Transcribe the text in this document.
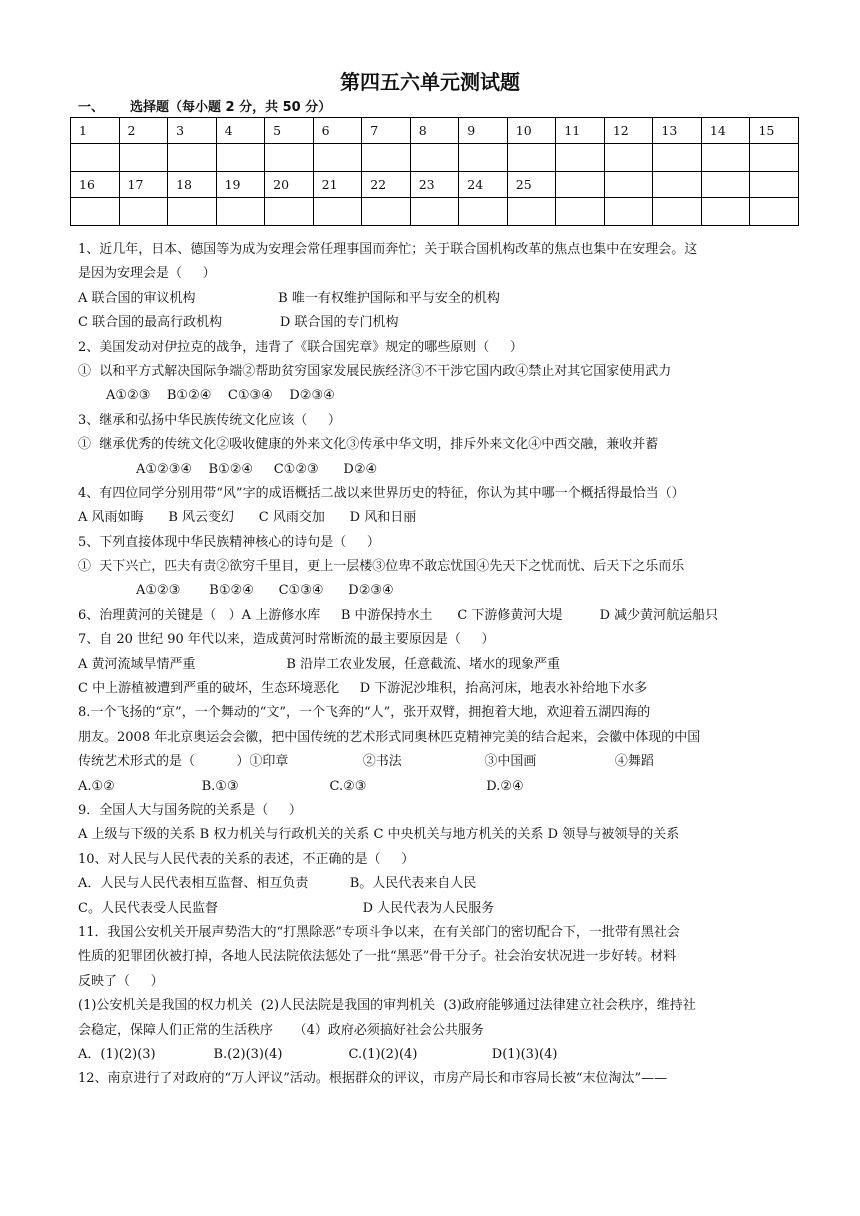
第四五六单元测试题
一、 选择题（每小题 2 分，共 50 分）
1	2	3	4	5	6	7	8	9	10	11	12	13	14	15

16	17	18	19	20	21	22	23	24	25					

1、近几年，日本、德国等为成为安理会常任理事国而奔忙；关于联合国机构改革的焦点也集中在安理会。这
是因为安理会是（     ）
A 联合国的审议机构                    B 唯一有权维护国际和平与安全的机构
C 联合国的最高行政机构              D 联合国的专门机构
2、美国发动对伊拉克的战争，违背了《联合国宪章》规定的哪些原则（     ）
①  以和平方式解决国际争端②帮助贫穷国家发展民族经济③不干涉它国内政④禁止对其它国家使用武力
A①②③    B①②④    C①③④    D②③④
3、继承和弘扬中华民族传统文化应该（     ）
①  继承优秀的传统文化②吸收健康的外来文化③传承中华文明，排斥外来文化④中西交融，兼收并蓄
A①②③④    B①②④     C①②③      D②④
4、有四位同学分别用带“风”字的成语概括二战以来世界历史的特征，你认为其中哪一个概括得最恰当（）
A 风雨如晦      B 风云变幻      C 风雨交加      D 风和日丽
5、下列直接体现中华民族精神核心的诗句是（     ）
①  天下兴亡，匹夫有责②欲穷千里目，更上一层楼③位卑不敢忘忧国④先天下之忧而忧、后天下之乐而乐
A①②③       B①②④      C①③④      D②③④
6、治理黄河的关键是（   ）A 上游修水库     B 中游保持水土      C 下游修黄河大堤         D 减少黄河航运船只
7、自 20 世纪 90 年代以来，造成黄河时常断流的最主要原因是（     ）
A 黄河流域旱情严重                      B 沿岸工农业发展，任意截流、堵水的现象严重
C 中上游植被遭到严重的破坏，生态环境恶化     D 下游泥沙堆积，抬高河床，地表水补给地下水多
8.一个飞扬的“京”，一个舞动的“文”，一个飞奔的“人”，张开双臂，拥抱着大地，欢迎着五湖四海的
朋友。2008 年北京奥运会会徽，把中国传统的艺术形式同奥林匹克精神完美的结合起来，会徽中体现的中国
传统艺术形式的是（          ）①印章                  ②书法                    ③中国画                   ④舞蹈
A.①②                     B.①③                      C.②③                             D.②④
9．全国人大与国务院的关系是（     ）
A 上级与下级的关系 B 权力机关与行政机关的关系 C 中央机关与地方机关的关系 D 领导与被领导的关系
10、对人民与人民代表的关系的表述，不正确的是（     ）
A．人民与人民代表相互监督、相互负责          B。人民代表来自人民
C。人民代表受人民监督                                   D 人民代表为人民服务
11．我国公安机关开展声势浩大的“打黑除恶”专项斗争以来，在有关部门的密切配合下，一批带有黑社会
性质的犯罪团伙被打掉，各地人民法院依法惩处了一批“黑恶”骨干分子。社会治安状况进一步好转。材料
反映了（     ）
(1)公安机关是我国的权力机关  (2)人民法院是我国的审判机关  (3)政府能够通过法律建立社会秩序，维持社
会稳定，保障人们正常的生活秩序     （4）政府必须搞好社会公共服务
A．(1)(2)(3)              B.(2)(3)(4)                C.(1)(2)(4)                  D(1)(3)(4)
12、南京进行了对政府的“万人评议”活动。根据群众的评议，市房产局长和市容局长被“末位淘汰”——
